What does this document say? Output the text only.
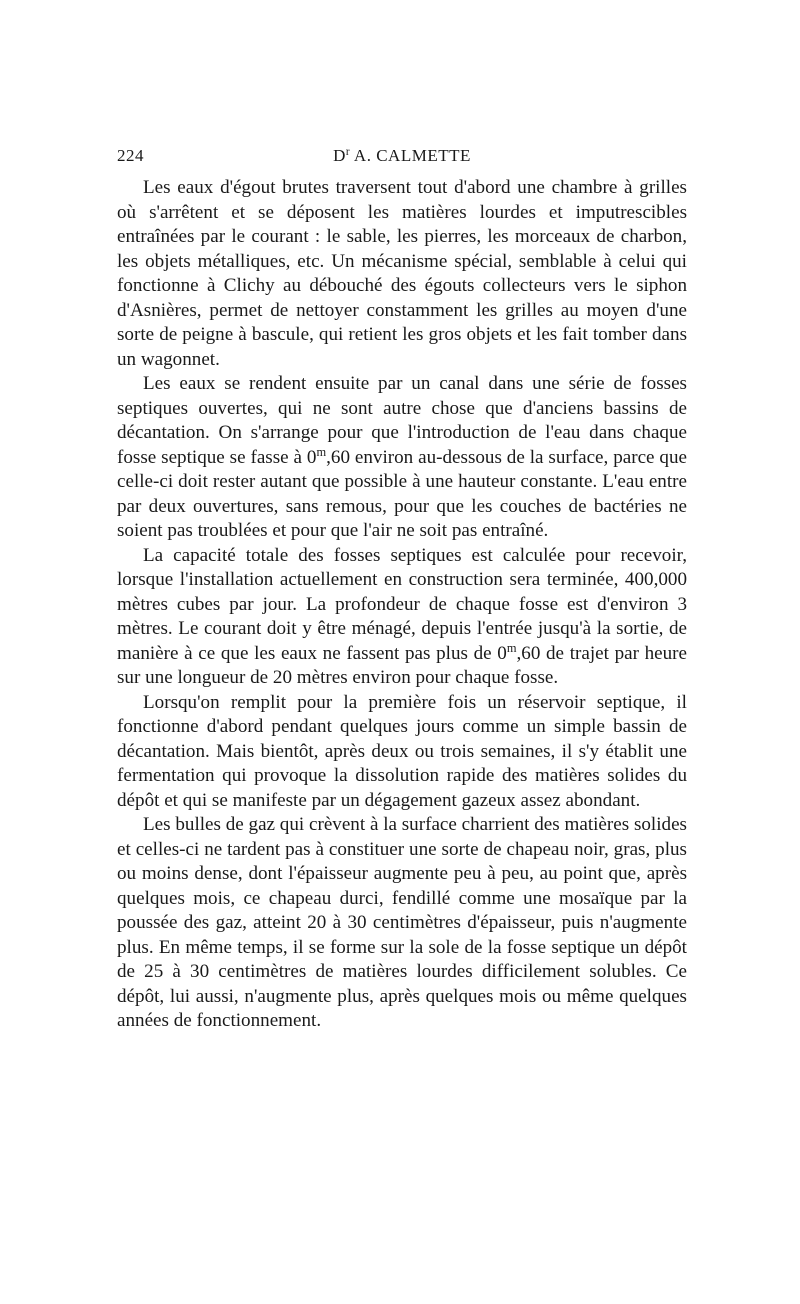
224	$D^r$ A. CALMETTE

Les eaux d'égout brutes traversent tout d'abord une chambre à grilles où s'arrêtent et se déposent les matières lourdes et imputrescibles entraînées par le courant : le sable, les pierres, les morceaux de charbon, les objets métalliques, etc. Un mécanisme spécial, semblable à celui qui fonctionne à Clichy au débouché des égouts collecteurs vers le siphon d'Asnières, permet de nettoyer constamment les grilles au moyen d'une sorte de peigne à bascule, qui retient les gros objets et les fait tomber dans un wagonnet.

Les eaux se rendent ensuite par un canal dans une série de fosses septiques ouvertes, qui ne sont autre chose que d'anciens bassins de décantation. On s'arrange pour que l'introduction de l'eau dans chaque fosse septique se fasse à 0$^m$,60 environ au-dessous de la surface, parce que celle-ci doit rester autant que possible à une hauteur constante. L'eau entre par deux ouvertures, sans remous, pour que les couches de bactéries ne soient pas troublées et pour que l'air ne soit pas entraîné.

La capacité totale des fosses septiques est calculée pour recevoir, lorsque l'installation actuellement en construction sera terminée, 400,000 mètres cubes par jour. La profondeur de chaque fosse est d'environ 3 mètres. Le courant doit y être ménagé, depuis l'entrée jusqu'à la sortie, de manière à ce que les eaux ne fassent pas plus de 0$^m$,60 de trajet par heure sur une longueur de 20 mètres environ pour chaque fosse.

Lorsqu'on remplit pour la première fois un réservoir septique, il fonctionne d'abord pendant quelques jours comme un simple bassin de décantation. Mais bientôt, après deux ou trois semaines, il s'y établit une fermentation qui provoque la dissolution rapide des matières solides du dépôt et qui se manifeste par un dégagement gazeux assez abondant.

Les bulles de gaz qui crèvent à la surface charrient des matières solides et celles-ci ne tardent pas à constituer une sorte de chapeau noir, gras, plus ou moins dense, dont l'épaisseur augmente peu à peu, au point que, après quelques mois, ce chapeau durci, fendillé comme une mosaïque par la poussée des gaz, atteint 20 à 30 centimètres d'épaisseur, puis n'augmente plus. En même temps, il se forme sur la sole de la fosse septique un dépôt de 25 à 30 centimètres de matières lourdes difficilement solubles. Ce dépôt, lui aussi, n'augmente plus, après quelques mois ou même quelques années de fonctionnement.
